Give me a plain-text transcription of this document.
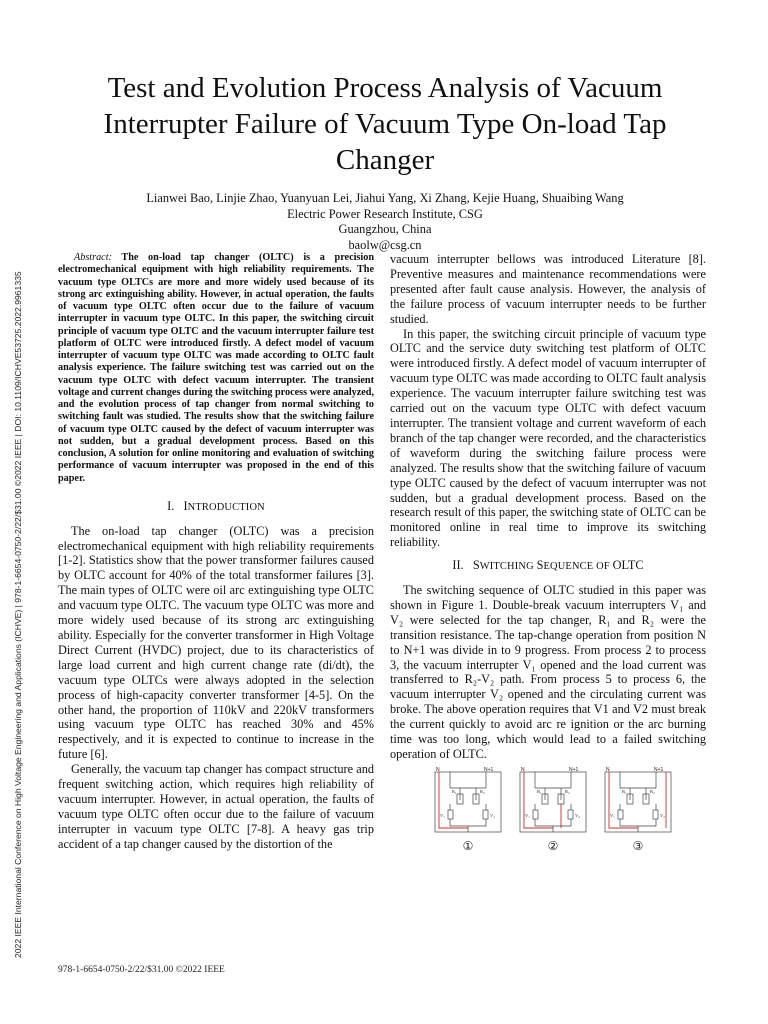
2022 IEEE International Conference on High Voltage Engineering and Applications (ICHVE) | 978-1-6654-0750-2/22/$31.00 ©2022 IEEE | DOI: 10.1109/ICHVE53725.2022.9961335
Test and Evolution Process Analysis of Vacuum
Interrupter Failure of Vacuum Type On-load Tap
Changer
Lianwei Bao, Linjie Zhao, Yuanyuan Lei, Jiahui Yang, Xi Zhang, Kejie Huang, Shuaibing Wang
Electric Power Research Institute, CSG
Guangzhou, China
baolw@csg.cn

Abstract: The on-load tap changer (OLTC) is a precision electromechanical equipment with high reliability requirements. The vacuum type OLTCs are more and more widely used because of its strong arc extinguishing ability. However, in actual operation, the faults of vacuum type OLTC often occur due to the failure of vacuum interrupter in vacuum type OLTC. In this paper, the switching circuit principle of vacuum type OLTC and the vacuum interrupter failure test platform of OLTC were introduced firstly. A defect model of vacuum interrupter of vacuum type OLTC was made according to OLTC fault analysis experience. The failure switching test was carried out on the vacuum type OLTC with defect vacuum interrupter. The transient voltage and current changes during the switching process were analyzed, and the evolution process of tap changer from normal switching to switching fault was studied. The results show that the switching failure of vacuum type OLTC caused by the defect of vacuum interrupter was not sudden, but a gradual development process. Based on this conclusion, A solution for online monitoring and evaluation of switching performance of vacuum interrupter was proposed in the end of this paper.

I. INTRODUCTION

The on-load tap changer (OLTC) was a precision electromechanical equipment with high reliability requirements [1-2]. Statistics show that the power transformer failures caused by OLTC account for 40% of the total transformer failures [3]. The main types of OLTC were oil arc extinguishing type OLTC and vacuum type OLTC. The vacuum type OLTC was more and more widely used because of its strong arc extinguishing ability. Especially for the converter transformer in High Voltage Direct Current (HVDC) project, due to its characteristics of large load current and high current change rate (di/dt), the vacuum type OLTCs were always adopted in the selection process of high-capacity converter transformer [4-5]. On the other hand, the proportion of 110kV and 220kV transformers using vacuum type OLTC has reached 30% and 45% respectively, and it is expected to continue to increase in the future [6].

Generally, the vacuum tap changer has compact structure and frequent switching action, which requires high reliability of vacuum interrupter. However, in actual operation, the faults of vacuum type OLTC often occur due to the failure of vacuum interrupter in vacuum type OLTC [7-8]. A heavy gas trip accident of a tap changer caused by the distortion of the

vacuum interrupter bellows was introduced Literature [8]. Preventive measures and maintenance recommendations were presented after fault cause analysis. However, the analysis of the failure process of vacuum interrupter needs to be further studied.

In this paper, the switching circuit principle of vacuum type OLTC and the service duty switching test platform of OLTC were introduced firstly. A defect model of vacuum interrupter of vacuum type OLTC was made according to OLTC fault analysis experience. The vacuum interrupter failure switching test was carried out on the vacuum type OLTC with defect vacuum interrupter. The transient voltage and current waveform of each branch of the tap changer were recorded, and the characteristics of waveform during the switching failure process were analyzed. The results show that the switching failure of vacuum type OLTC caused by the defect of vacuum interrupter was not sudden, but a gradual development process. Based on the research result of this paper, the switching state of OLTC can be monitored online in real time to improve its switching reliability.

II. SWITCHING SEQUENCE OF OLTC

The switching sequence of OLTC studied in this paper was shown in Figure 1. Double-break vacuum interrupters V₁ and V₂ were selected for the tap changer, R₁ and R₂ were the transition resistance. The tap-change operation from position N to N+1 was divide in to 9 progress. From process 2 to process 3, the vacuum interrupter V₁ opened and the load current was transferred to R₂-V₂ path. From process 5 to process 6, the vacuum interrupter V₂ opened and the circulating current was broke. The above operation requires that V1 and V2 must break the current quickly to avoid arc re ignition or the arc burning time was too long, which would lead to a failed switching operation of OLTC.

N	N+1
R₁	R₂
V₁	V₂
①
N	N+1
R₁	R₂
V₁	V₂
②
N	N+1
R₁	R₂
V₁	V₂
③
978-1-6654-0750-2/22/$31.00 ©2022 IEEE
